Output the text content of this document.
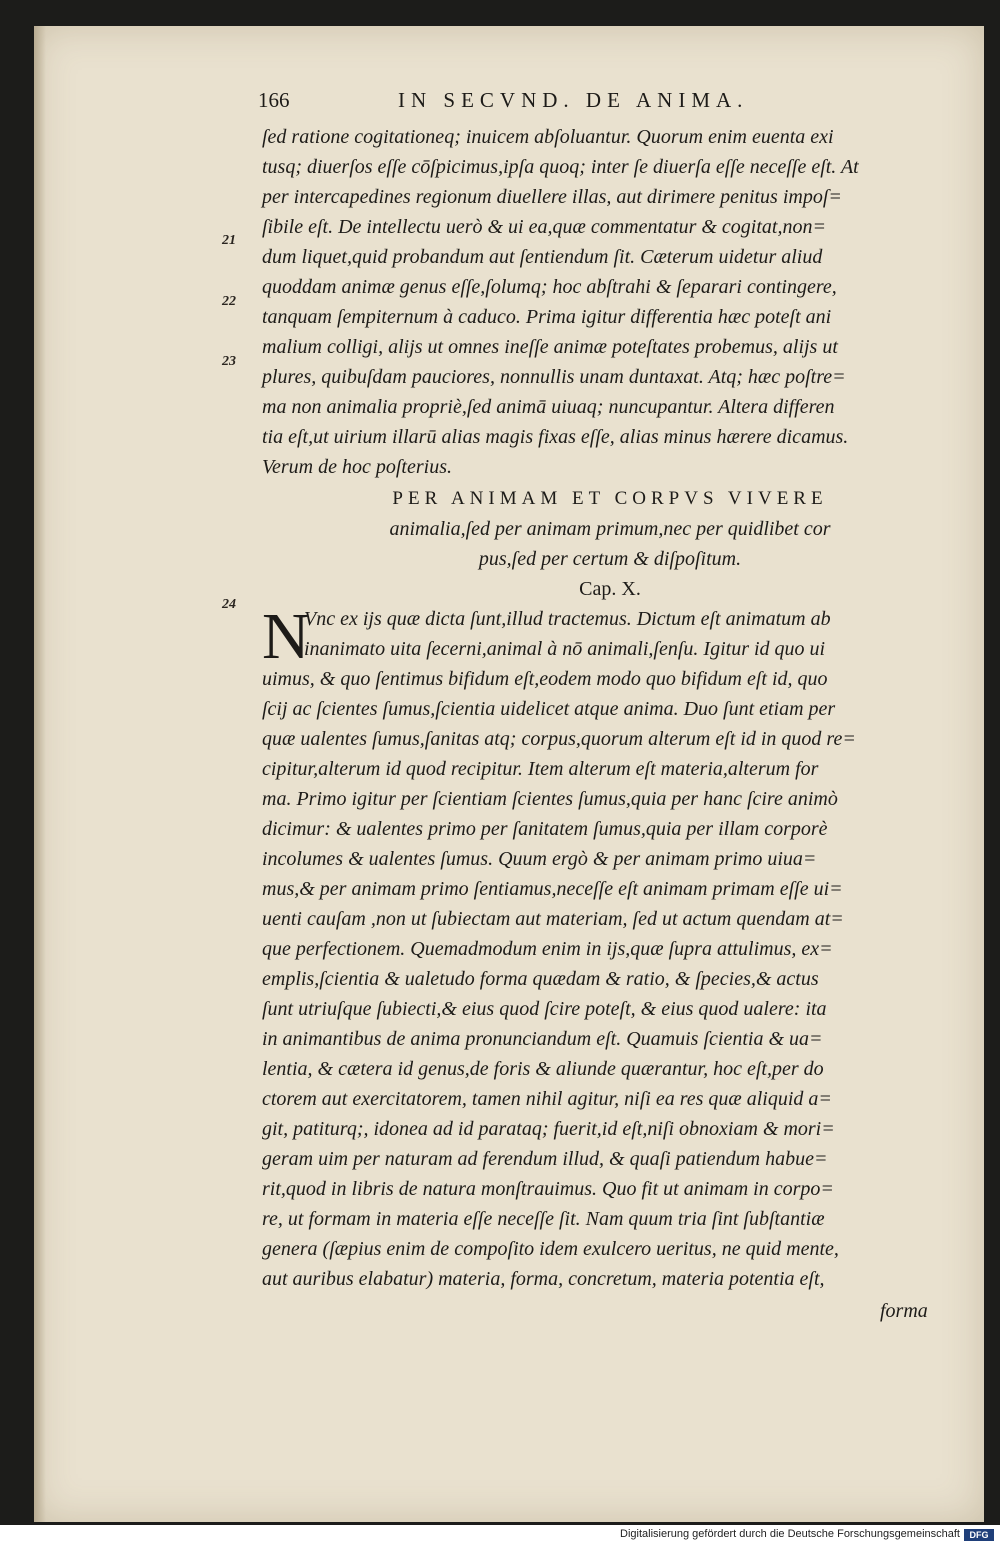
166	IN SECVND. DE ANIMA.
21
22
23
24
ſed ratione cogitationeq; inuicem abſoluantur. Quorum enim euenta exi
tusq; diuerſos eſſe cōſpicimus,ipſa quoq; inter ſe diuerſa eſſe neceſſe eſt. At
per intercapedines regionum diuellere illas, aut dirimere penitus impoſ=
ſibile eſt. De intellectu uerò & ui ea,quæ commentatur & cogitat,non=
dum liquet,quid probandum aut ſentiendum ſit. Cæterum uidetur aliud
quoddam animæ genus eſſe,ſolumq; hoc abſtrahi & ſeparari contingere,
tanquam ſempiternum à caduco. Prima igitur differentia hæc poteſt ani
malium colligi, alijs ut omnes ineſſe animæ poteſtates probemus, alijs ut
plures, quibuſdam pauciores, nonnullis unam duntaxat. Atq; hæc poſtre=
ma non animalia propriè,ſed animā uiuaq; nuncupantur. Altera differen
tia eſt,ut uirium illarū alias magis fixas eſſe, alias minus hærere dicamus.
Verum de hoc poſterius.
PER ANIMAM ET CORPVS VIVERE
animalia,ſed per animam primum,nec per quidlibet cor
pus,ſed per certum & diſpoſitum.
Cap. X.
N
Vnc ex ijs quæ dicta ſunt,illud tractemus. Dictum eſt animatum ab
inanimato uita ſecerni,animal à nō animali,ſenſu. Igitur id quo ui
uimus, & quo ſentimus bifidum eſt,eodem modo quo bifidum eſt id, quo
ſcij ac ſcientes ſumus,ſcientia uidelicet atque anima. Duo ſunt etiam per
quæ ualentes ſumus,ſanitas atq; corpus,quorum alterum eſt id in quod re=
cipitur,alterum id quod recipitur. Item alterum eſt materia,alterum for
ma. Primo igitur per ſcientiam ſcientes ſumus,quia per hanc ſcire animò
dicimur: & ualentes primo per ſanitatem ſumus,quia per illam corporè
incolumes & ualentes ſumus. Quum ergò & per animam primo uiua=
mus,& per animam primo ſentiamus,neceſſe eſt animam primam eſſe ui=
uenti cauſam ,non ut ſubiectam aut materiam, ſed ut actum quendam at=
que perfectionem. Quemadmodum enim in ijs,quæ ſupra attulimus, ex=
emplis,ſcientia & ualetudo forma quædam & ratio, & ſpecies,& actus
ſunt utriuſque ſubiecti,& eius quod ſcire poteſt, & eius quod ualere: ita
in animantibus de anima pronunciandum eſt. Quamuis ſcientia & ua=
lentia, & cætera id genus,de foris & aliunde quærantur, hoc eſt,per do
ctorem aut exercitatorem, tamen nihil agitur, niſi ea res quæ aliquid a=
git, patiturq;, idonea ad id parataq; fuerit,id eſt,niſi obnoxiam & mori=
geram uim per naturam ad ferendum illud, & quaſi patiendum habue=
rit,quod in libris de natura monſtrauimus. Quo fit ut animam in corpo=
re, ut formam in materia eſſe neceſſe ſit. Nam quum tria ſint ſubſtantiæ
genera (ſæpius enim de compoſito idem exulcero ueritus, ne quid mente,
aut auribus elabatur) materia, forma, concretum, materia potentia eſt,
forma
Digitalisierung gefördert durch die Deutsche Forschungsgemeinschaft	DFG
